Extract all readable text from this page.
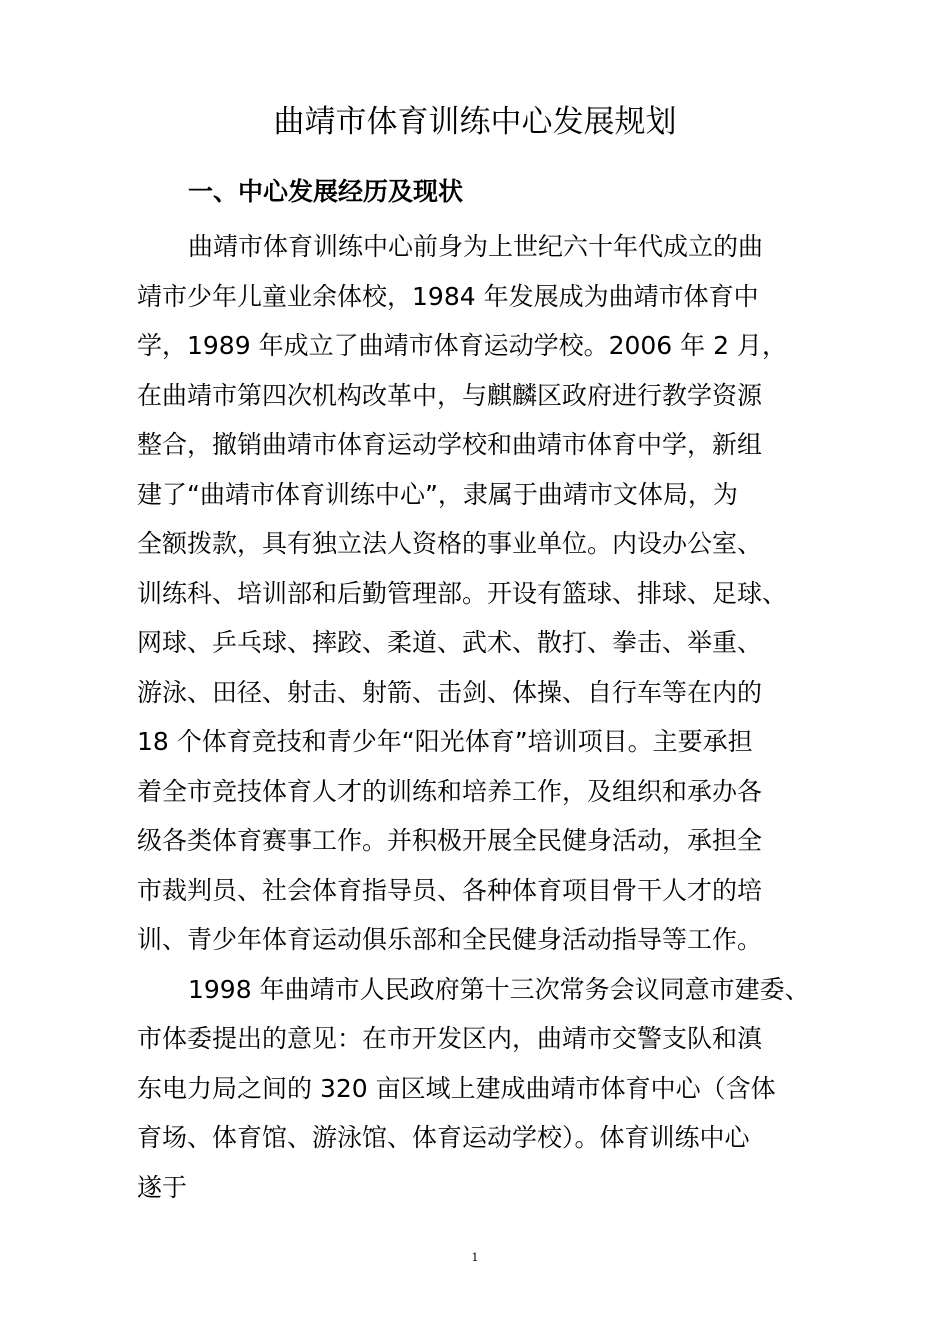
曲靖市体育训练中心发展规划
一、中心发展经历及现状
曲靖市体育训练中心前身为上世纪六十年代成立的曲
靖市少年儿童业余体校，1984 年发展成为曲靖市体育中
学，1989 年成立了曲靖市体育运动学校。2006 年 2 月，
在曲靖市第四次机构改革中，与麒麟区政府进行教学资源
整合，撤销曲靖市体育运动学校和曲靖市体育中学，新组
建了“曲靖市体育训练中心”，隶属于曲靖市文体局，为
全额拨款，具有独立法人资格的事业单位。内设办公室、
训练科、培训部和后勤管理部。开设有篮球、排球、足球、
网球、乒乓球、摔跤、柔道、武术、散打、拳击、举重、
游泳、田径、射击、射箭、击剑、体操、自行车等在内的
18 个体育竞技和青少年“阳光体育”培训项目。主要承担
着全市竞技体育人才的训练和培养工作，及组织和承办各
级各类体育赛事工作。并积极开展全民健身活动，承担全
市裁判员、社会体育指导员、各种体育项目骨干人才的培
训、青少年体育运动俱乐部和全民健身活动指导等工作。
1998 年曲靖市人民政府第十三次常务会议同意市建委、
市体委提出的意见：在市开发区内，曲靖市交警支队和滇
东电力局之间的 320 亩区域上建成曲靖市体育中心（含体
育场、体育馆、游泳馆、体育运动学校）。体育训练中心
遂于
1
